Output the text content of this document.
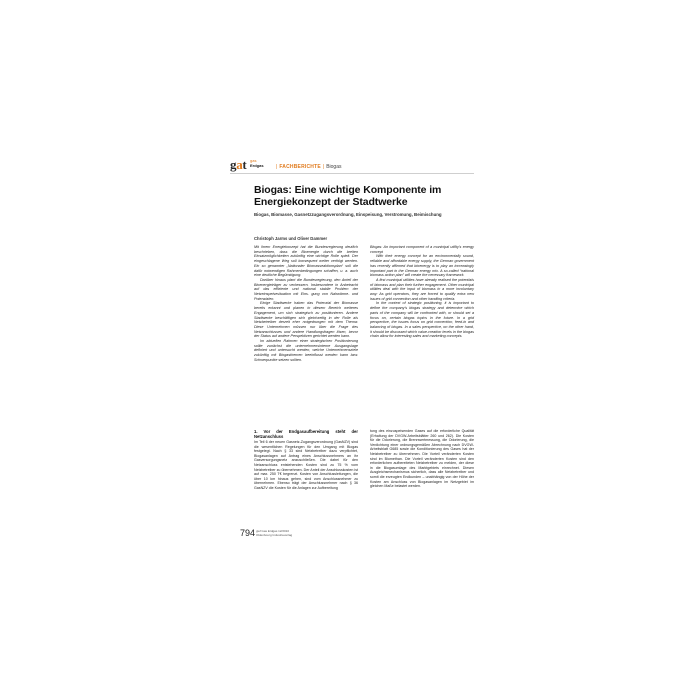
gat gas
Erdgas	| FACHBERICHTE | Biogas
Biogas: Eine wichtige Komponente im Energiekonzept der Stadtwerke
Biogas, Biomasse, Gasnetzzugangsverordnung, Einspeisung, Verstromung, Beimischung
Christoph Jarms und Oliver Dammer

Mit ihrem Energiekonzept hat die Bundesregierung deutlich beschrieben, dass die Bioenergie durch die breiten Einsatzmöglichkeiten zukünftig eine wichtige Rolle spielt. Der eingeschlagene Weg soll konsequent weiter verfolgt werden. Ein so genannter „Nationaler Biomasseaktionsplan“ soll die dafür notwendigen Rahmenbedingungen schaffen, u. a. auch eine deutliche Begünstigung.

Darüber hinaus plant die Bundesregierung, den Anteil der Bioenergieträger zu verbessern. Insbesondere in Anbetracht auf das effiziente und national stabile Problem der Netzeinspeisesituation mit Eins. gung von Nahwärme- und Potenzialen.

Einige Stadtwerke haben das Potenzial der Biomasse bereits erkannt und planen in diesem Bereich weiteres Engagement, um sich strategisch zu positionieren. Andere Stadtwerke beschäftigen sich gleichzeitig in der Rolle als Netzbetreiber derzeit eher notgedrungen mit dem Thema: Diese Unternehmen müssen nur über die Frage des Netzanschlusses und andere Handlungsfragen lösen, bevor der Status auf andere Perspektiven gerichtet werden kann.

Im aktuellen Rahmen einer strategischen Positionierung sollte zunächst die unternehmensinterne Ausgangslage definiert und untersucht werden, welche Unternehmensziele zukünftig mit Biogasthemen beeinflusst werden kann bzw. Schwerpunkte setzen sollten.

Biogas: An important component of a municipal utility's energy concept

With their energy concept for an environmentally sound, reliable and affordable energy supply, the German government has recently affirmed that bioenergy is to play an increasingly important part in the German energy mix. A so-called “national biomass action plan” will create the necessary framework.

A first municipal utilities have already realised the potentials of biomass and plan their further engagement. Other municipal utilities deal with the input of biomass in a more involuntary way: As grid operators, they are forced to qualify extra new issues of grid connection and other handling criteria.

In the context of strategic positioning, it is important to define the company's biogas strategy and determine which parts of the company will be confronted with, or should set a focus on, certain biogas topics in the future. In a grid perspective, the issues focus on grid connection, feed-in and balancing of biogas. In a sales perspective, on the other hand, it should be discussed which value-creation levels in the biogas chain allow for interesting sales and marketing concepts.

1. Vor der Endgasaufbereitung steht der Netzanschluss

Im Teil 6 der neuen Gasnetz-Zugangsverordnung (GasNZV) sind die wesentlichen Regelungen für den Umgang mit Biogas festgelegt. Nach § 33 sind Netzbetreiber dazu verpflichtet, Biogasanlagen auf Antrag eines Anschlussnehmers an ihr Gasversorgungsnetz anzuschließen. Die dabei für den Netzanschluss entstehenden Kosten sind zu 75 % vom Netzbetreiber zu übernehmen. Der Anteil der Anschlusskosten ist auf max. 250 T€ begrenzt. Kosten von Anschlussleitungen, die über 10 km hinaus gehen, sind vom Anschlussnehmer zu übernehmen. Ebenso trägt der Anschlussnehmer nach § 36 GasNZV die Kosten für die Anlagen zur Aufbereitung

tung des einzuspeisenden Gases auf die erforderliche Qualität (Erhaltung der DVGW-Arbeitsblätter 260 und 262). Die Kosten für die Odorierung, die Brennwertmessung, die Odorierung, die Verdichtung einer ordnungsgemäßen Abrechnung nach DVGW-Arbeitsblatt G685 sowie die Konditionierung des Gases hat der Netzbetreiber zu übernehmen. Die Vorteil veränderten Kosten sind im Biomethan. Die Vorteil veränderten Kosten sind den erforderlichen aufbereiteten Netzbetreiber zu melden, der diese in die Biogasumlage des Marktgebiets einrechnet. Diesen Ausgleichsmechanismus sicherlich, dass alle Netzbetreiber und somit die erzeugten Endkunden – unabhängig von der Höhe der Kosten am Anschluss von Biogasanlagen im Netzgebiet im gleichen Maße belastet werden.

794 gwf Gas Erdgas 12/2010
Oldenbourg Industrieverlag
